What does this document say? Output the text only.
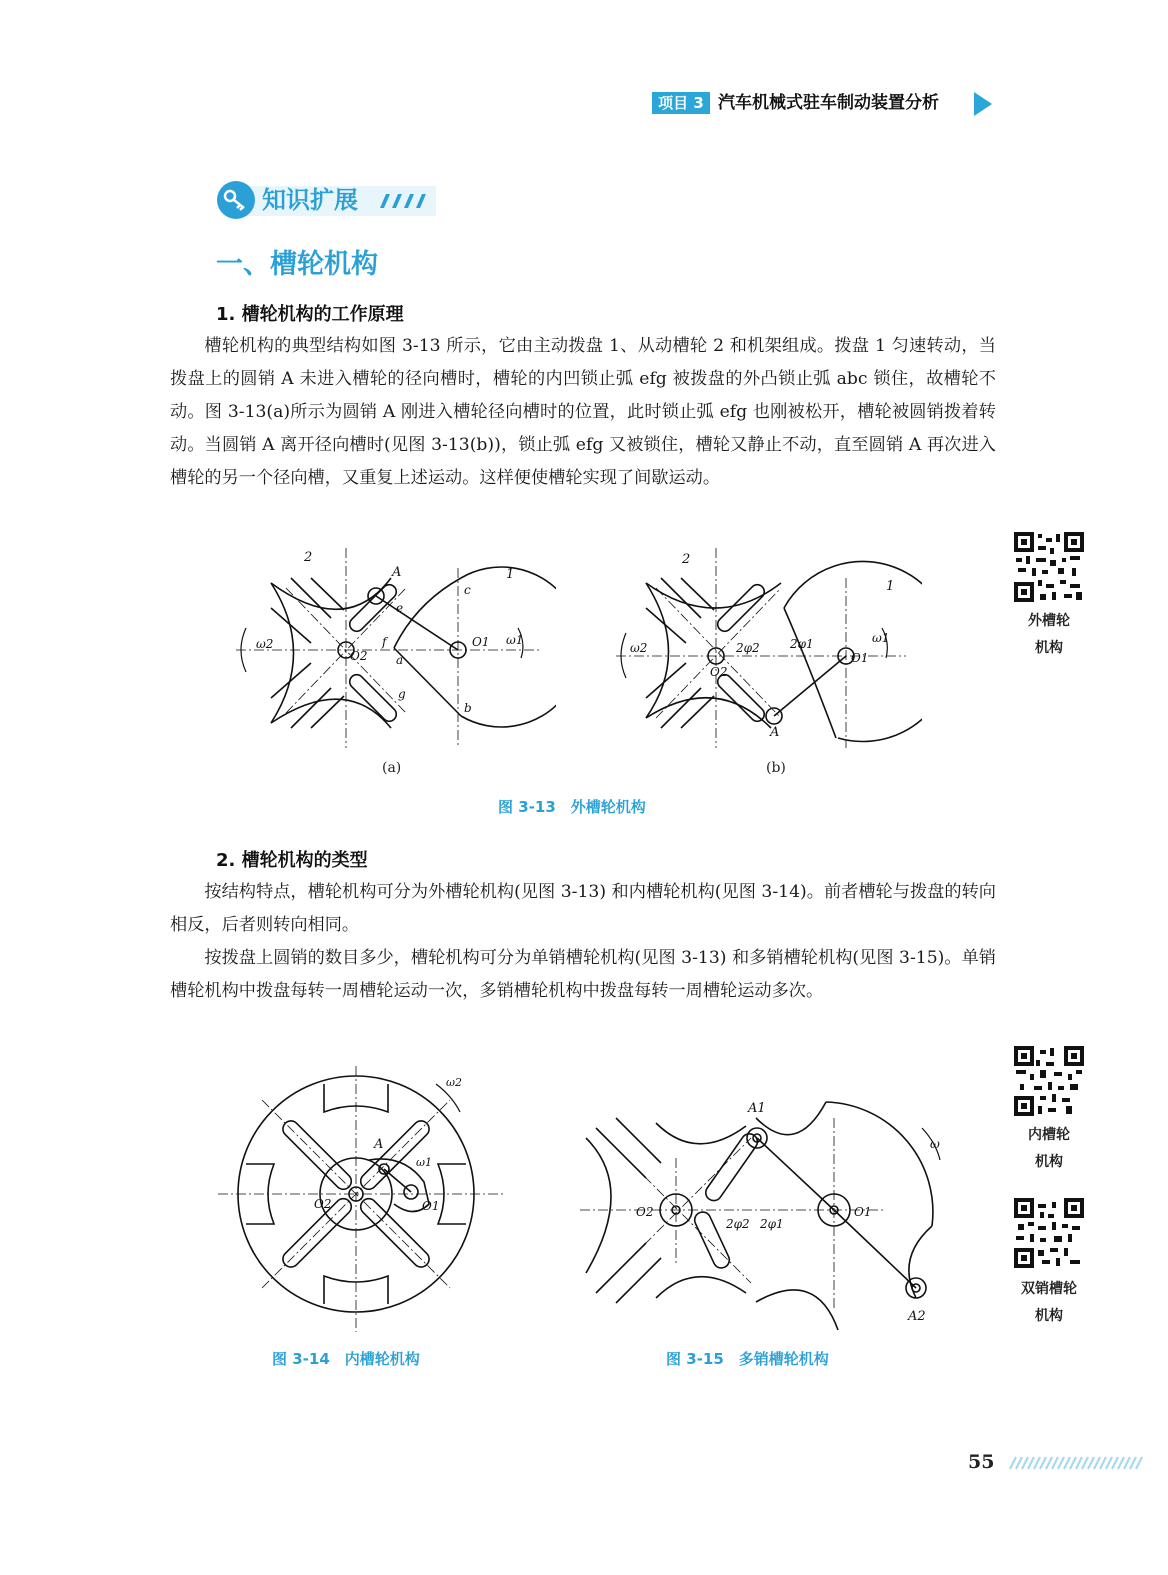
项目 3 汽车机械式驻车制动装置分析
知识扩展
一、槽轮机构
1. 槽轮机构的工作原理

槽轮机构的典型结构如图 3-13 所示，它由主动拨盘 1、从动槽轮 2 和机架组成。拨盘 1 匀速转动，当拨盘上的圆销 A 未进入槽轮的径向槽时，槽轮的内凹锁止弧 efg 被拨盘的外凸锁止弧 abc 锁住，故槽轮不动。图 3-13(a)所示为圆销 A 刚进入槽轮径向槽时的位置，此时锁止弧 efg 也刚被松开，槽轮被圆销拨着转动。当圆销 A 离开径向槽时(见图 3-13(b))，锁止弧 efg 又被锁住，槽轮又静止不动，直至圆销 A 再次进入槽轮的另一个径向槽，又重复上述运动。这样便使槽轮实现了间歇运动。

2
1
A
c
e
f
a
g
b
O2
O1
ω2	ω1
(a)
2
1
A
O2
O1
ω2
ω1
2φ2	2φ1
(b)
图 3-13　外槽轮机构
2. 槽轮机构的类型

按结构特点，槽轮机构可分为外槽轮机构(见图 3-13) 和内槽轮机构(见图 3-14)。前者槽轮与拨盘的转向相反，后者则转向相同。

按拨盘上圆销的数目多少，槽轮机构可分为单销槽轮机构(见图 3-13) 和多销槽轮机构(见图 3-15)。单销槽轮机构中拨盘每转一周槽轮运动一次，多销槽轮机构中拨盘每转一周槽轮运动多次。

ω2
A
ω1
O2	O1
图 3-14　内槽轮机构
A1
A2
ω
O2	O1
2φ2 2φ1
图 3-15　多销槽轮机构
外槽轮
机构
内槽轮
机构
双销槽轮
机构
55
